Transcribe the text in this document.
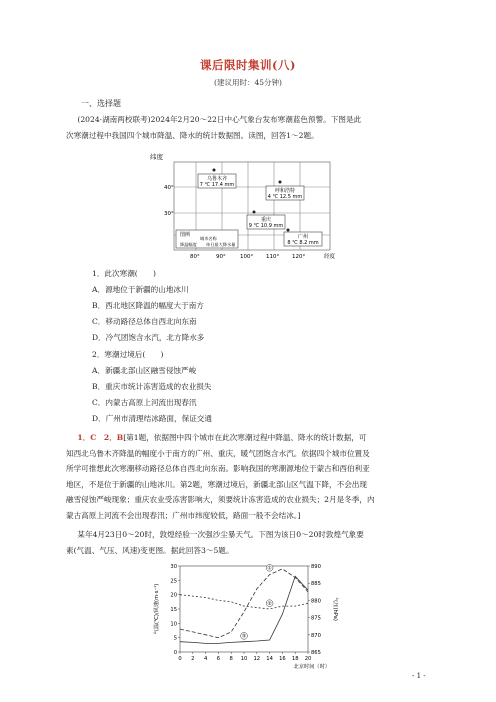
课后限时集训(八)
(建议用时：45分钟)
一、选择题
(2024·湖南两校联考)2024年2月20～22日中心气象台发布寒潮蓝色预警。下图是此
次寒潮过程中我国四个城市降温、降水的统计数据图。读图，回答1～2题。
纬度
40°
30°
80°	90°	100° 110° 120°	经度
乌鲁木齐
7 ℃ 17.4 mm
呼和浩特
4 ℃ 12.5 mm
重庆
9 ℃ 10.9 mm
广州
8 ℃ 8.2 mm
图例
城市名称
降温幅度 单日最大降水量
1．此次寒潮(　　)
A．源地位于新疆的山地冰川
B．西北地区降温的幅度大于南方
C．移动路径总体自西北向东南
D．冷气团饱含水汽，北方降水多
2．寒潮过境后(　　)
A．新疆北部山区融雪侵蚀严峻
B．重庆市统计冻害造成的农业损失
C．内蒙古高原上河流出现春汛
D．广州市清理结冰路面，保证交通
1．C　2．B[第1题，依据图中四个城市在此次寒潮过程中降温、降水的统计数据，可
知西北乌鲁木齐降温的幅度小于南方的广州、重庆，暖气团饱含水汽。依据四个城市位置及
所学可推想此次寒潮移动路径总体自西北向东南。影响我国的寒潮源地位于蒙古和西伯利亚
地区，不是位于新疆的山地冰川。第2题，寒潮过境后，新疆北部山区气温下降，不会出现
融雪侵蚀严峻现象；重庆农业受冻害影响大，须要统计冻害造成的农业损失；2月是冬季，内
蒙古高原上河流不会出现春汛；广州市纬度较低，路面一般不会结冰。]
某年4月23日0～20时，敦煌经验一次强沙尘暴天气。下图为该日0～20时敦煌气象要
素(气温、气压、风速)变更图。据此回答3～5题。
30
25
20
15
10
5
0
890
885
880
875
870
865
0 2 4 6 8 10 12 14 16 18 20
北京时间（时）
气温(℃)/风速(m·s⁻¹)	气压(hPa)
①
②
③
- 1 -
